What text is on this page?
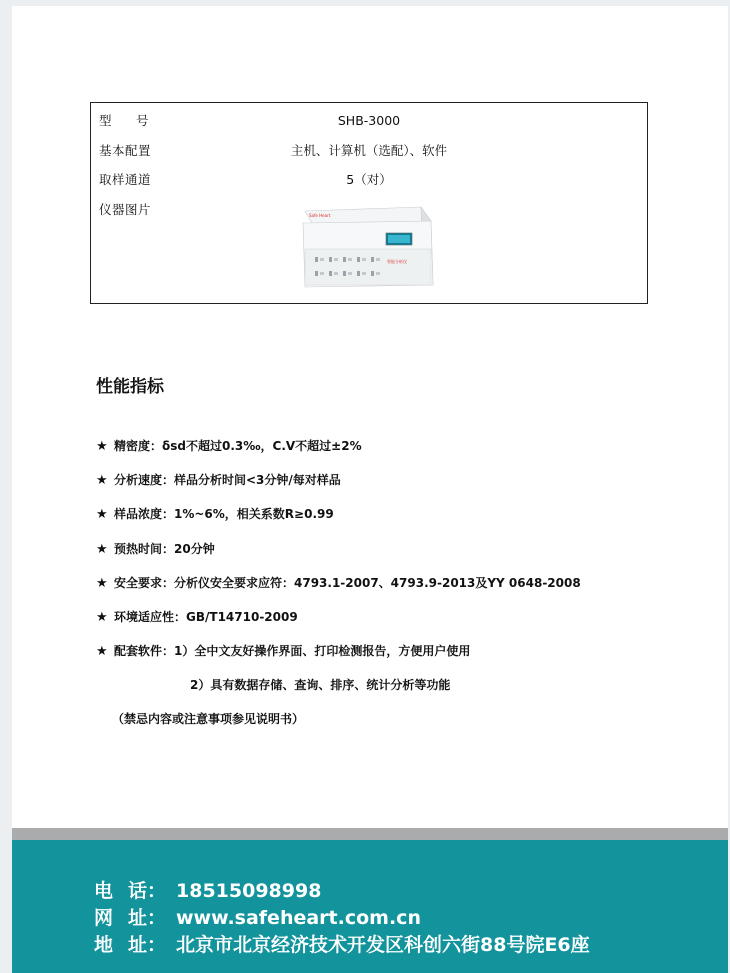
型 号	SHB-3000
基本配置	主机、计算机（选配）、软件
取样通道	5（对）
仪器图片	Safe Heart
智能分析仪
性能指标
★ 精密度：δsd不超过0.3‰，C.V不超过±2%
★ 分析速度：样品分析时间<3分钟/每对样品
★ 样品浓度：1%~6%，相关系数R≥0.99
★ 预热时间：20分钟
★ 安全要求：分析仪安全要求应符：4793.1-2007、4793.9-2013及YY 0648-2008
★ 环境适应性：GB/T14710-2009
★ 配套软件：1）全中文友好操作界面、打印检测报告，方便用户使用
2）具有数据存储、查询、排序、统计分析等功能
（禁忌内容或注意事项参见说明书）
电 话： 18515098998
网 址： www.safeheart.com.cn
地 址： 北京市北京经济技术开发区科创六街88号院E6座
